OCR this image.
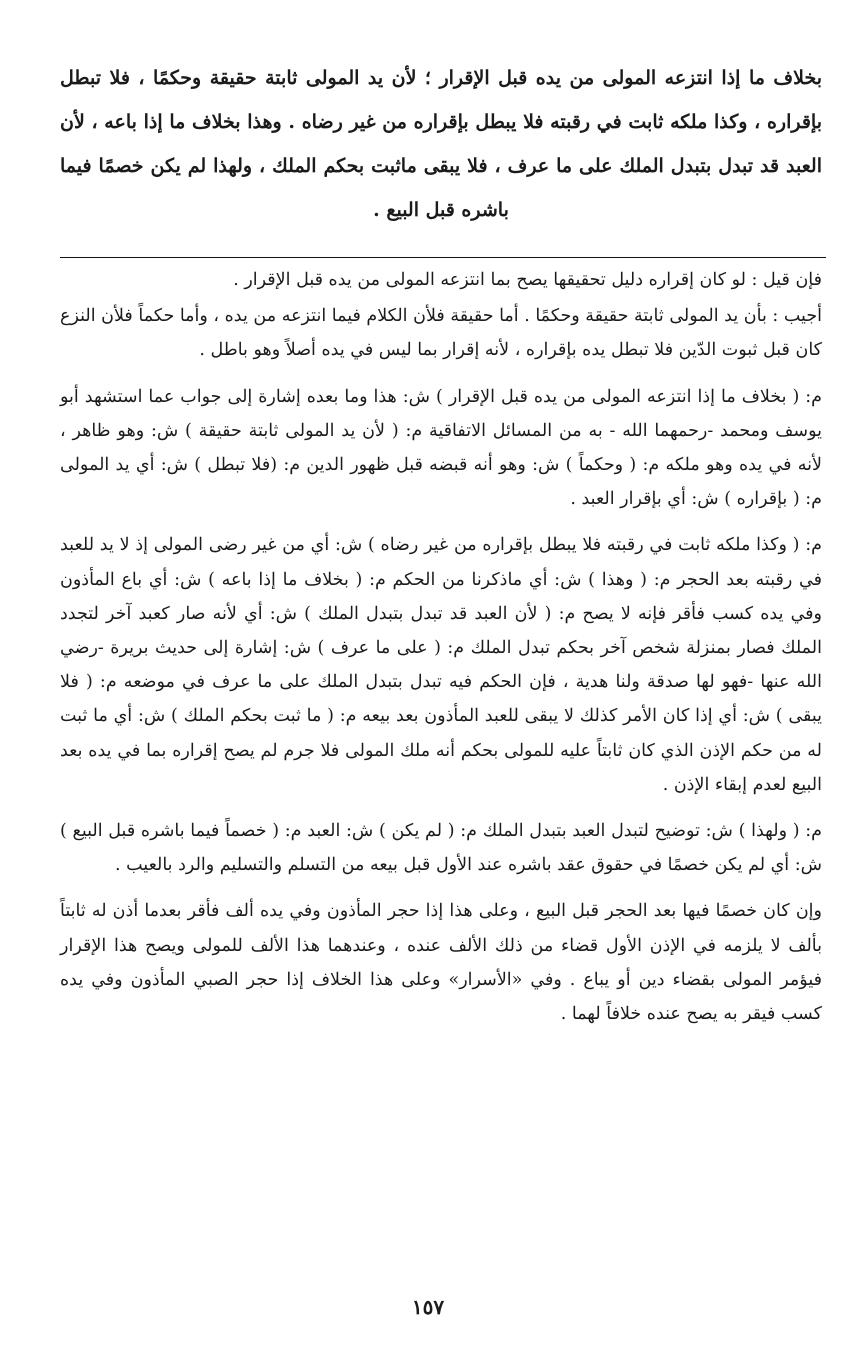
بخلاف ما إذا انتزعه المولى من يده قبل الإقرار ؛ لأن يد المولى ثابتة حقيقة وحكمًا ، فلا تبطل بإقراره ، وكذا ملكه ثابت في رقبته فلا يبطل بإقراره من غير رضاه . وهذا بخلاف ما إذا باعه ، لأن العبد قد تبدل بتبدل الملك على ما عرف ، فلا يبقى ماثبت بحكم الملك ، ولهذا لم يكن خصمًا فيما باشره قبل البيع .

فإن قيل : لو كان إقراره دليل تحقيقها يصح بما انتزعه المولى من يده قبل الإقرار .

أجيب : بأن يد المولى ثابتة حقيقة وحكمًا . أما حقيقة فلأن الكلام فيما انتزعه من يده ، وأما حكماً فلأن النزع كان قبل ثبوت الدّين فلا تبطل يده بإقراره ، لأنه إقرار بما ليس في يده أصلاً وهو باطل .

م: ( بخلاف ما إذا انتزعه المولى من يده قبل الإقرار ) ش: هذا وما بعده إشارة إلى جواب عما استشهد أبو يوسف ومحمد -رحمهما الله - به من المسائل الاتفاقية م: ( لأن يد المولى ثابتة حقيقة ) ش: وهو ظاهر ، لأنه في يده وهو ملكه م: ( وحكماً ) ش: وهو أنه قبضه قبل ظهور الدين م: (فلا تبطل ) ش: أي يد المولى م: ( بإقراره ) ش: أي بإقرار العبد .

م: ( وكذا ملكه ثابت في رقبته فلا يبطل بإقراره من غير رضاه ) ش: أي من غير رضى المولى إذ لا يد للعبد في رقبته بعد الحجر م: ( وهذا ) ش: أي ماذكرنا من الحكم م: ( بخلاف ما إذا باعه ) ش: أي باع المأذون وفي يده كسب فأقر فإنه لا يصح م: ( لأن العبد قد تبدل بتبدل الملك ) ش: أي لأنه صار كعبد آخر لتجدد الملك فصار بمنزلة شخص آخر بحكم تبدل الملك م: ( على ما عرف ) ش: إشارة إلى حديث بريرة -رضي الله عنها -فهو لها صدقة ولنا هدية ، فإن الحكم فيه تبدل بتبدل الملك على ما عرف في موضعه م: ( فلا يبقى ) ش: أي إذا كان الأمر كذلك لا يبقى للعبد المأذون بعد بيعه م: ( ما ثبت بحكم الملك ) ش: أي ما ثبت له من حكم الإذن الذي كان ثابتاً عليه للمولى بحكم أنه ملك المولى فلا جرم لم يصح إقراره بما في يده بعد البيع لعدم إبقاء الإذن .

م: ( ولهذا ) ش: توضيح لتبدل العبد بتبدل الملك م: ( لم يكن ) ش: العبد م: ( خصماً فيما باشره قبل البيع ) ش: أي لم يكن خصمًا في حقوق عقد باشره عند الأول قبل بيعه من التسلم والتسليم والرد بالعيب .

وإن كان خصمًا فيها بعد الحجر قبل البيع ، وعلى هذا إذا حجر المأذون وفي يده ألف فأقر بعدما أذن له ثابتاً بألف لا يلزمه في الإذن الأول قضاء من ذلك الألف عنده ، وعندهما هذا الألف للمولى ويصح هذا الإقرار فيؤمر المولى بقضاء دين أو يباع . وفي «الأسرار» وعلى هذا الخلاف إذا حجر الصبي المأذون وفي يده كسب فيقر به يصح عنده خلافاً لهما .

١٥٧
